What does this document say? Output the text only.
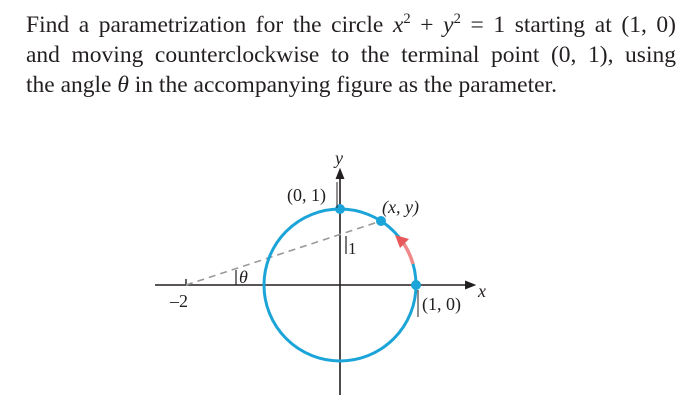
Find a parametrization for the circle $x^2 + y^2 = 1$ starting at (1, 0)
and moving counterclockwise to the terminal point (0, 1), using
the angle θ in the accompanying figure as the parameter.

y
x
(0, 1)
(x, y)
(1, 0)
–2
θ
1
